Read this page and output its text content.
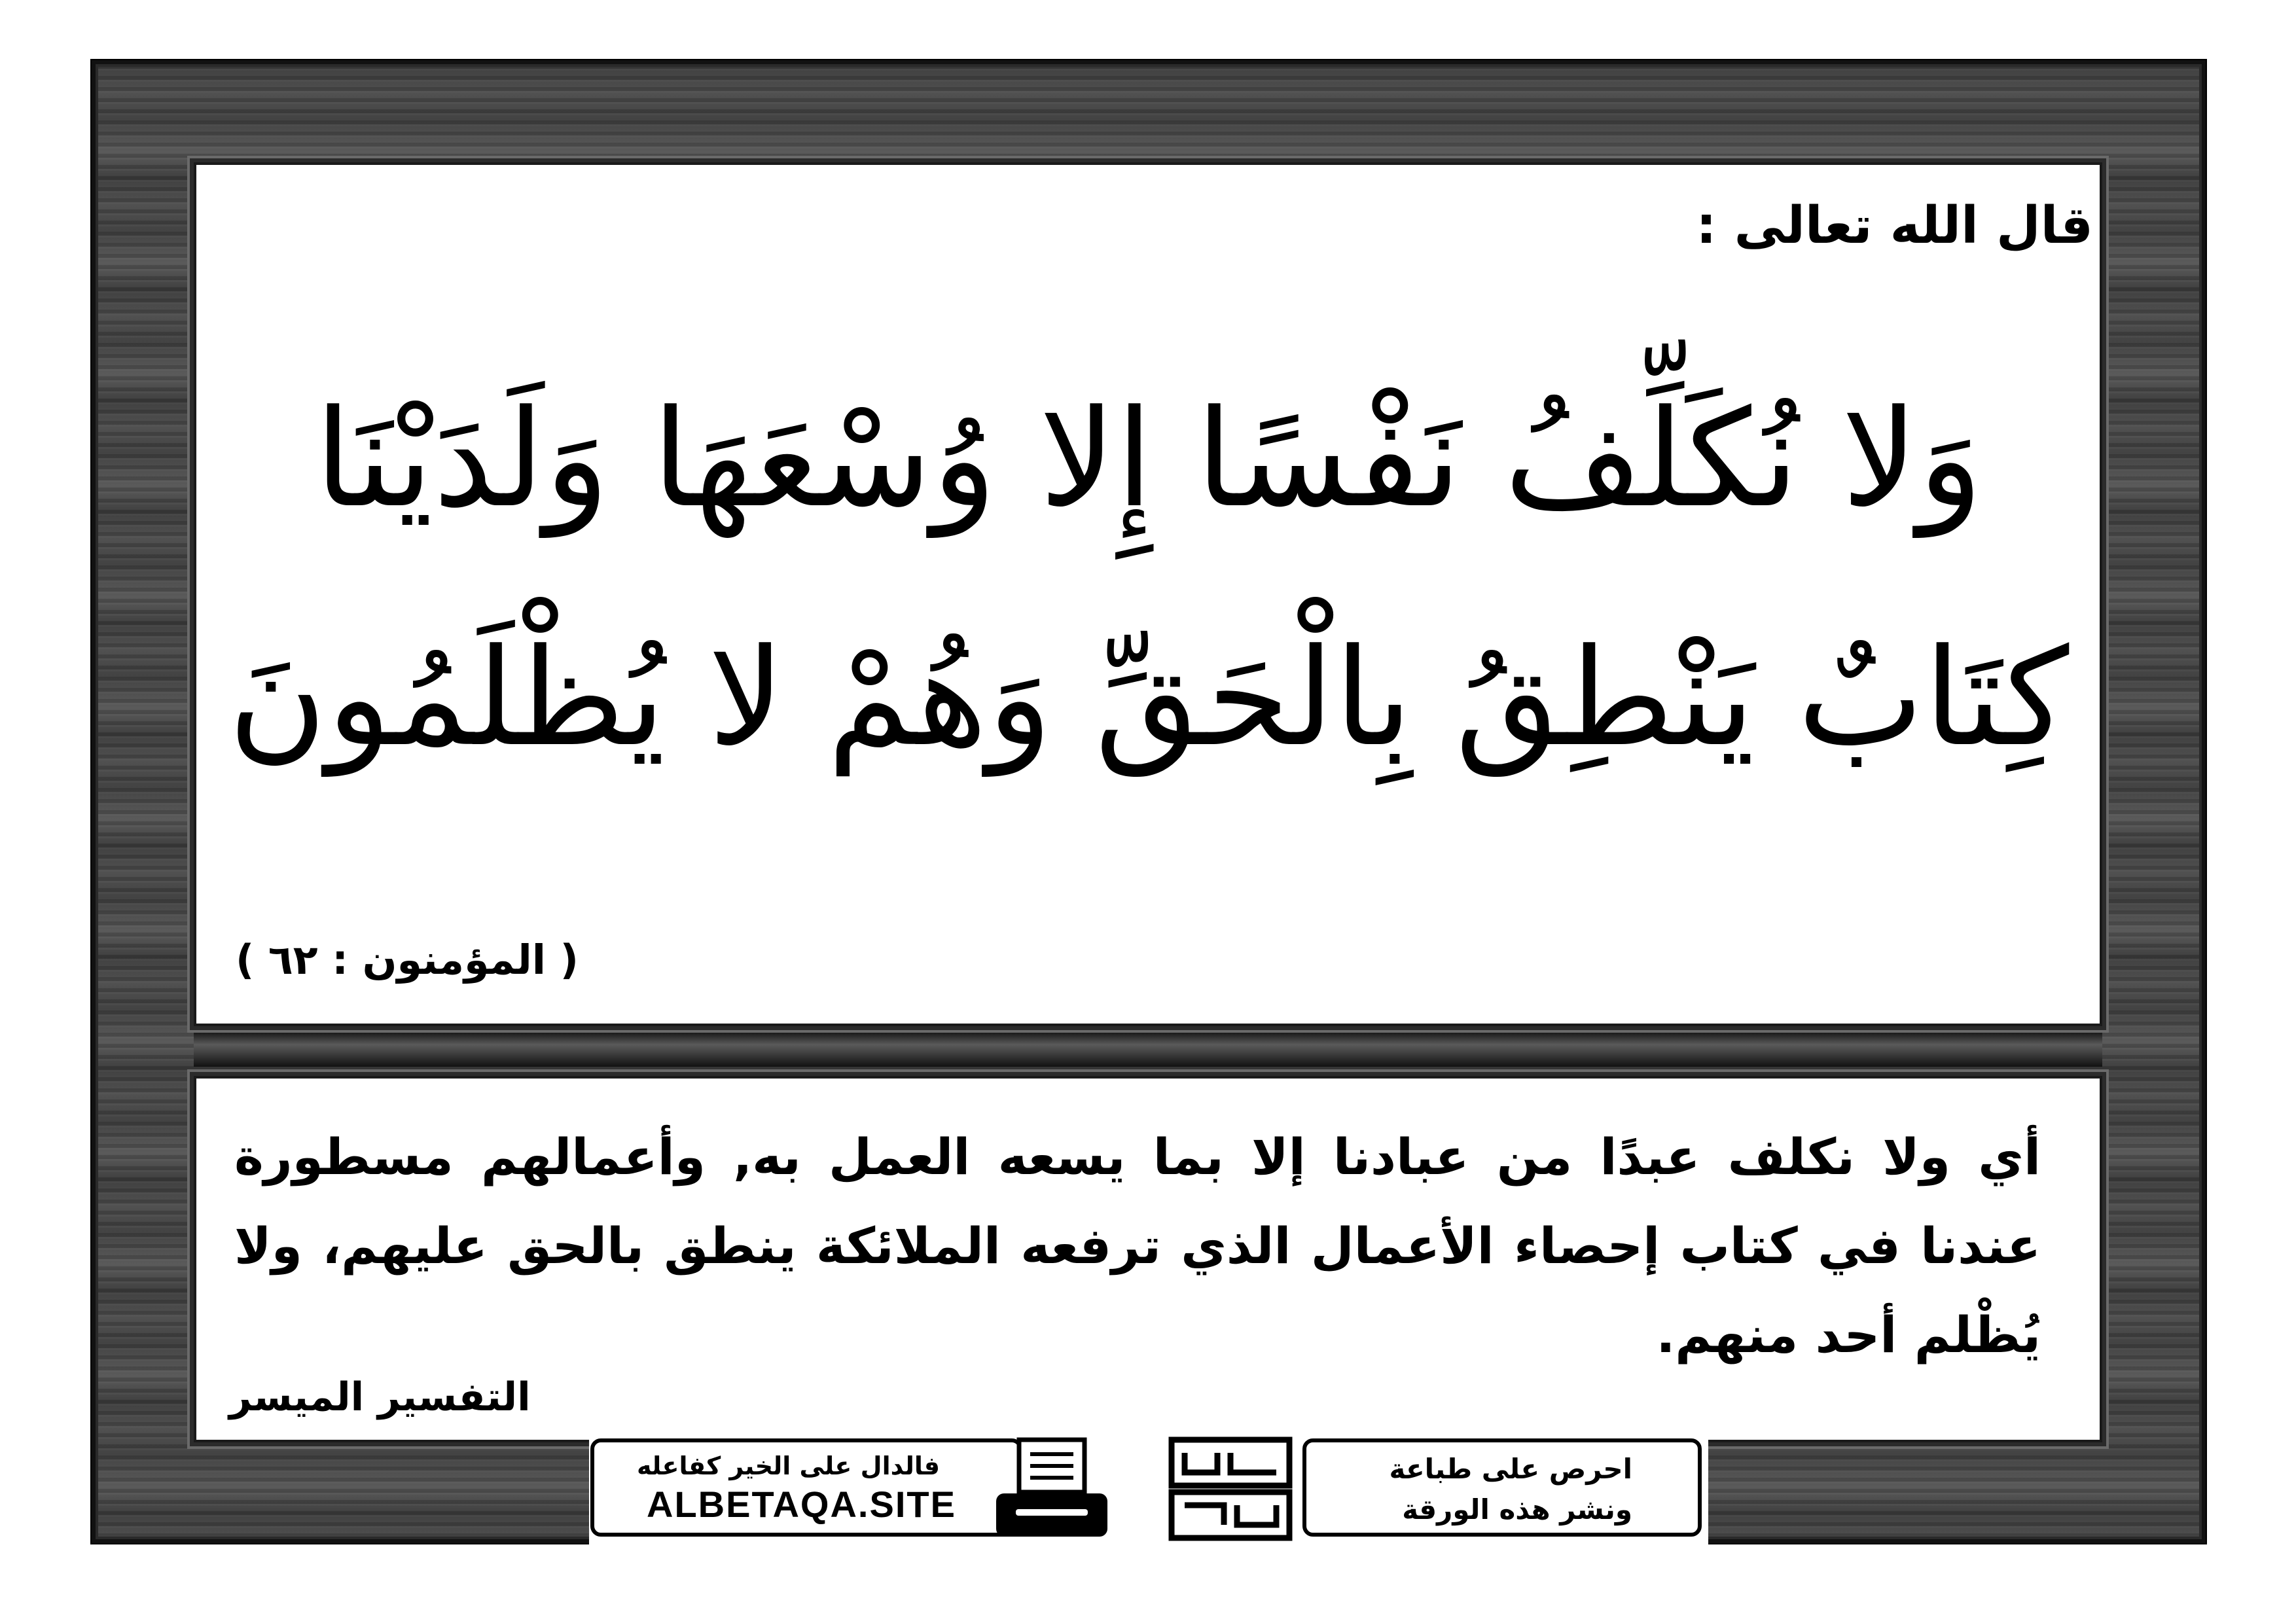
قال الله تعالى :
وَلا نُكَلِّفُ نَفْسًا إِلا وُسْعَهَا وَلَدَيْنَا
كِتَابٌ يَنْطِقُ بِالْحَقِّ وَهُمْ لا يُظْلَمُونَ
( المؤمنون : ٦٢ )
أي ولا نكلف عبدًا من عبادنا إلا بما يسعه العمل به, وأعمالهم مسطورة عندنا في كتاب إحصاء الأعمال الذي ترفعه الملائكة ينطق بالحق عليهم، ولا يُظْلم أحد منهم.
التفسير الميسر
فالدال على الخير كفاعله
ALBETAQA.SITE
احرص على طباعة
ونشر هذه الورقة
